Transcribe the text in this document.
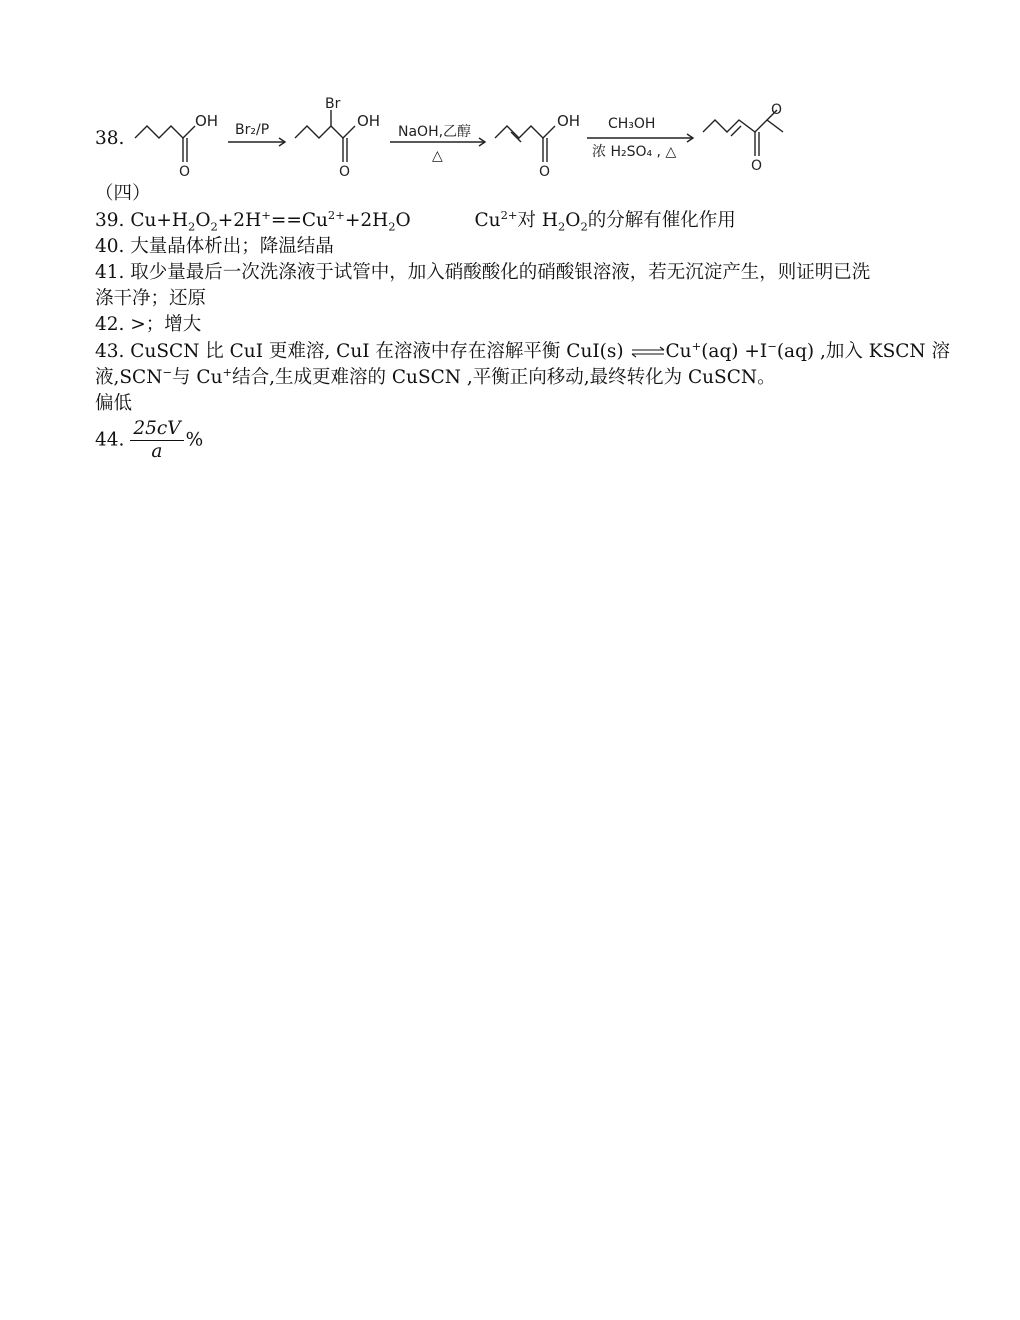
38.
OH
O
Br
OH
O
OH
O
O
O
Br₂/P	NaOH,乙醇
△
CH₃OH
浓 H₂SO₄ , △
（四）
39. $Cu+H_2O_2+2H^+==Cu^{2+}+2H_2O$	$Cu^{2+}$对 $H_2O_2$的分解有催化作用
40. 大量晶体析出；降温结晶
41. 取少量最后一次洗涤液于试管中，加入硝酸酸化的硝酸银溶液，若无沉淀产生，则证明已洗
涤干净；还原
42. >；增大
43. CuSCN 比 CuI 更难溶, CuI 在溶液中存在溶解平衡 CuI(s) ⇌Cu+(aq) +I−(aq) ,加入 KSCN 溶
液,SCN−与 Cu+结合,生成更难溶的 CuSCN ,平衡正向移动,最终转化为 CuSCN。
偏低
44. $\frac{25cV}{a}$ %
